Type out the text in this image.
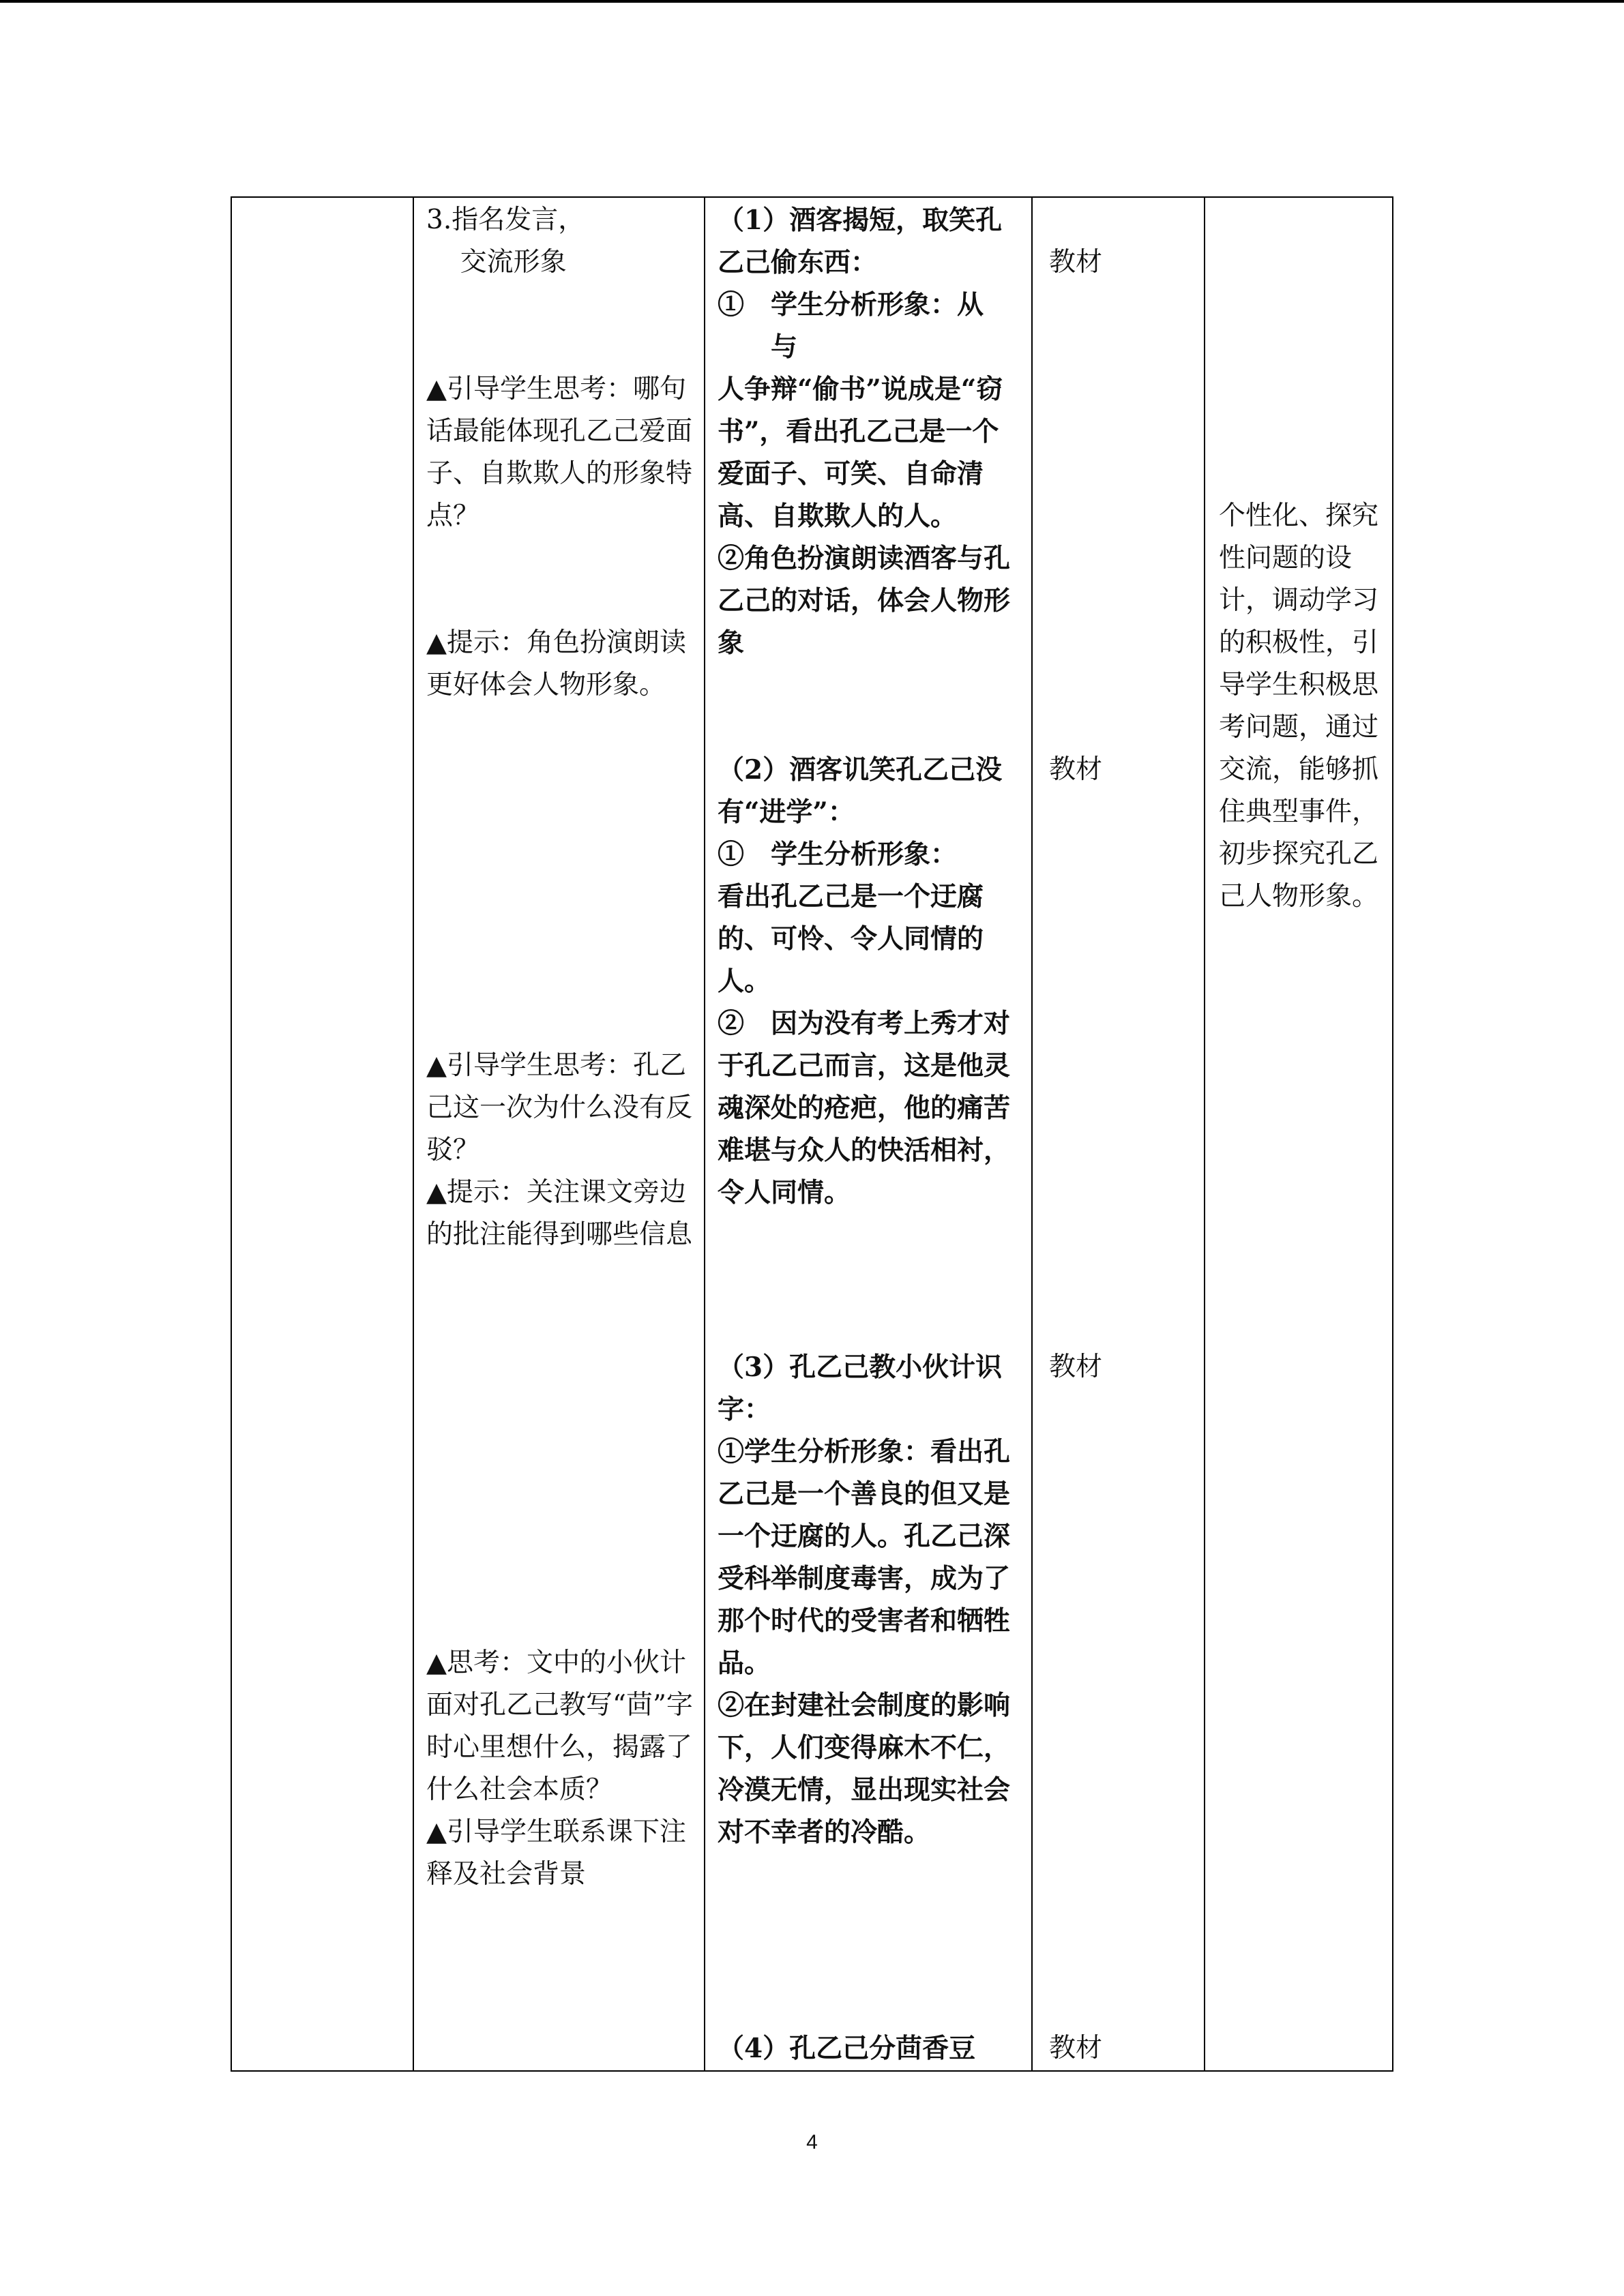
3.指名发言，
交流形象
▲引导学生思考：哪句话最能体现孔乙己爱面子、自欺欺人的形象特点？
▲提示：角色扮演朗读更好体会人物形象。
▲引导学生思考：孔乙己这一次为什么没有反驳？
▲提示：关注课文旁边的批注能得到哪些信息
▲思考：文中的小伙计面对孔乙己教写“茴”字时心里想什么，揭露了什么社会本质？
▲引导学生联系课下注释及社会背景
（1）酒客揭短，取笑孔乙己偷东西：
①　学生分析形象：从
　　与
人争辩“偷书”说成是“窃书”，看出孔乙己是一个爱面子、可笑、自命清高、自欺欺人的人。
②角色扮演朗读酒客与孔乙己的对话，体会人物形象
（2）酒客讥笑孔乙己没有“进学”：
①　学生分析形象：
看出孔乙己是一个迂腐的、可怜、令人同情的人。
②　因为没有考上秀才对于孔乙己而言，这是他灵魂深处的疮疤，他的痛苦难堪与众人的快活相衬，令人同情。
（3）孔乙己教小伙计识字：
①学生分析形象：看出孔乙己是一个善良的但又是一个迂腐的人。孔乙己深受科举制度毒害，成为了那个时代的受害者和牺牲品。
②在封建社会制度的影响下，人们变得麻木不仁，冷漠无情，显出现实社会对不幸者的冷酷。
（4）孔乙己分茴香豆
教材
教材
教材
教材
个性化、探究性问题的设计，调动学习的积极性，引导学生积极思考问题，通过交流，能够抓住典型事件，初步探究孔乙己人物形象。
4
